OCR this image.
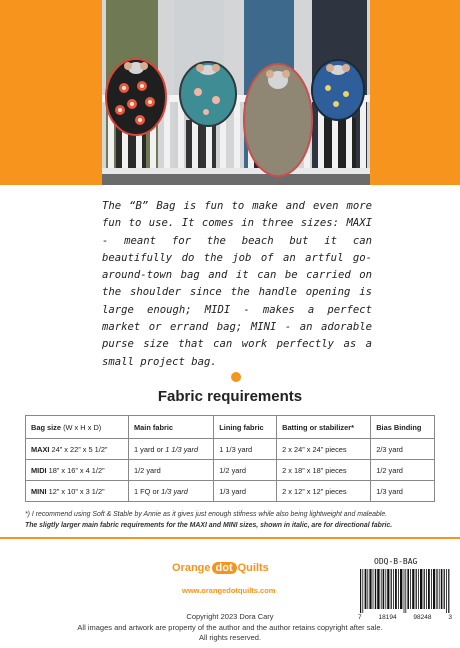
The “B” Bag is fun to make and even more fun to use. It comes in three sizes: MAXI - meant for the beach but it can beautifully do the job of an artful go-around-town bag and it can be carried on the shoulder since the handle opening is large enough; MIDI - makes a perfect market or errand bag; MINI - an adorable purse size that can work perfectly as a small project bag.

Fabric requirements
Bag size (W x H x D)	Main fabric	Lining fabric	Batting or stabilizer*	Bias Binding
MAXI 24” x 22” x 5 1/2”	1 yard or 1 1/3 yard	1 1/3 yard	2 x 24” x 24” pieces	2/3 yard
MIDI 18” x 16” x 4 1/2”	1/2 yard	1/2 yard	2 x 18” x 18” pieces	1/2 yard
MINI 12” x 10” x 3 1/2”	1 FQ or 1/3 yard	1/3 yard	2 x 12” x 12” pieces	1/3 yard

*) I recommend using Soft & Stable by Annie as it gives just enough stifness while also being lightweight and maleable.

The sligtly larger main fabric requirements for the MAXI and MINI sizes, shown in italic, are for directional fabric.

Orange dot Quilts
www.orangedotquilts.com
ODQ-B-BAG
7	18194	98248	3

Copyright 2023 Dora Cary
All images and artwork are property of the author and the author retains copyright after sale.
All rights reserved.
